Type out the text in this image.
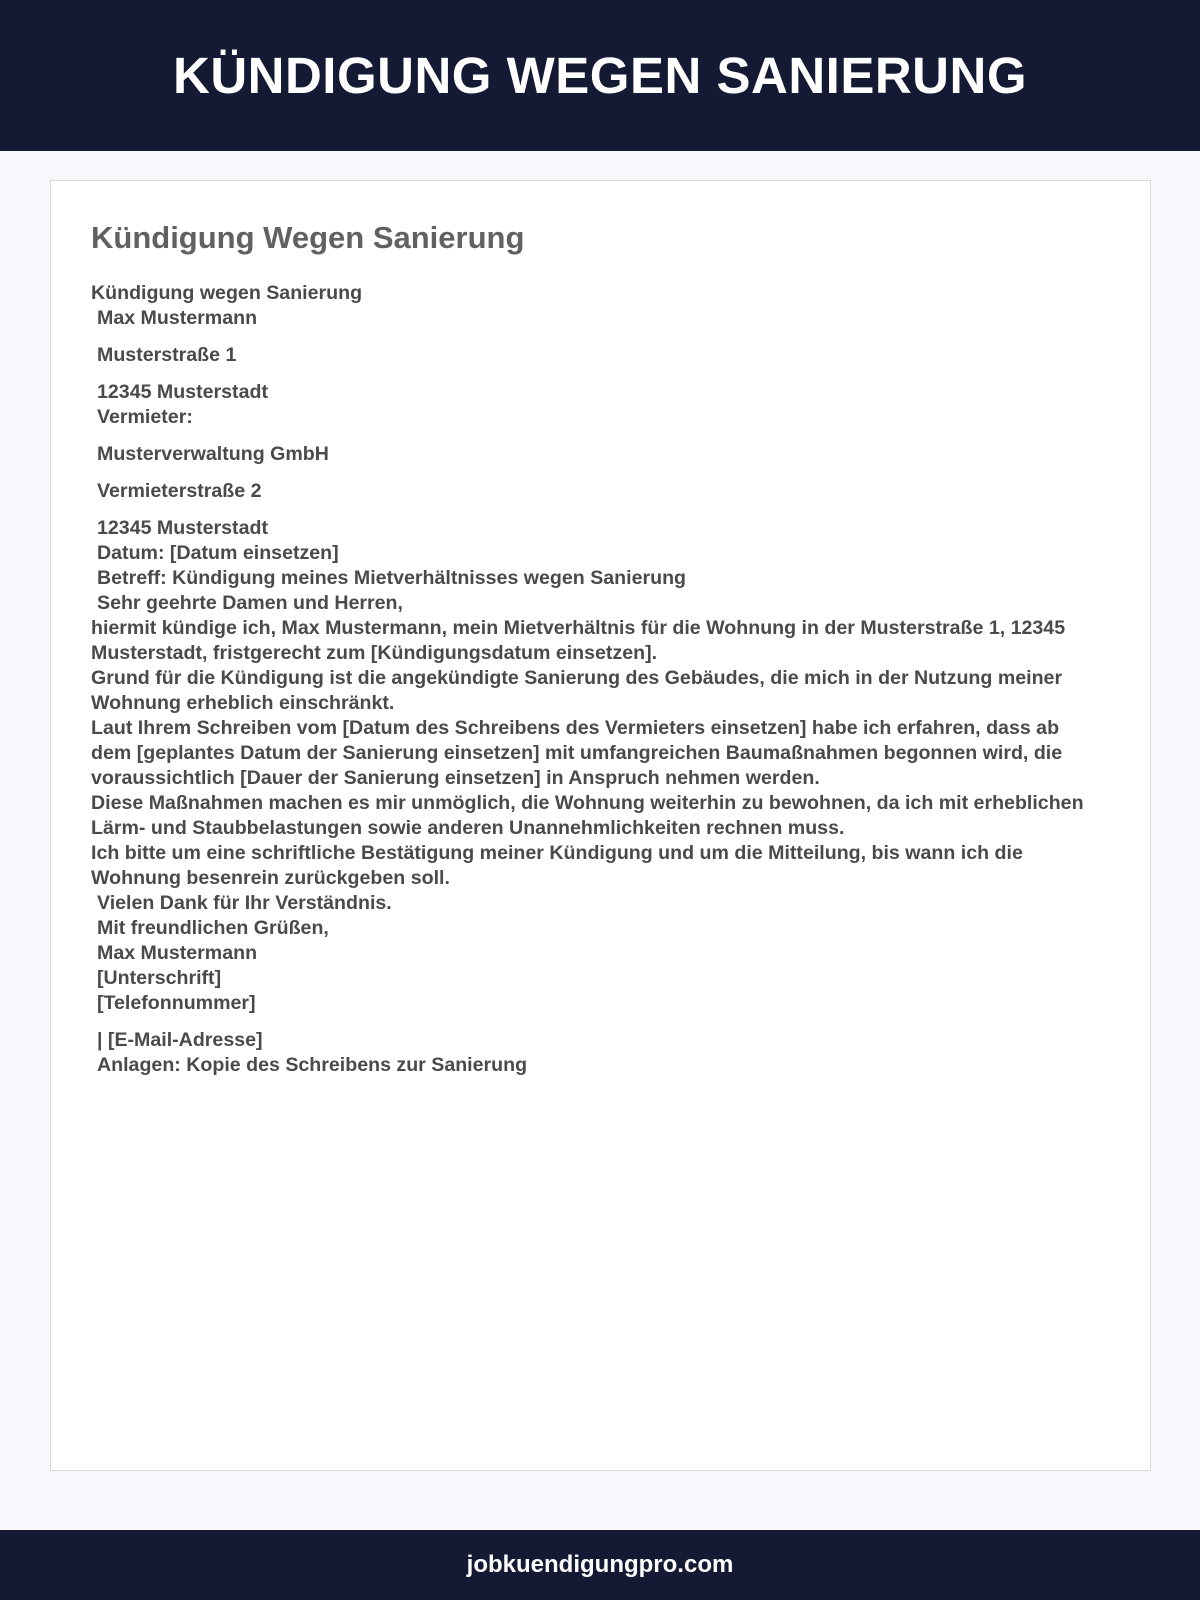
KÜNDIGUNG WEGEN SANIERUNG
Kündigung Wegen Sanierung
Kündigung wegen Sanierung
Max Mustermann
Musterstraße 1
12345 Musterstadt
Vermieter:
Musterverwaltung GmbH
Vermieterstraße 2
12345 Musterstadt
Datum: [Datum einsetzen]
Betreff: Kündigung meines Mietverhältnisses wegen Sanierung
Sehr geehrte Damen und Herren,
hiermit kündige ich, Max Mustermann, mein Mietverhältnis für die Wohnung in der Musterstraße 1, 12345 Musterstadt, fristgerecht zum [Kündigungsdatum einsetzen].
Grund für die Kündigung ist die angekündigte Sanierung des Gebäudes, die mich in der Nutzung meiner Wohnung erheblich einschränkt.
Laut Ihrem Schreiben vom [Datum des Schreibens des Vermieters einsetzen] habe ich erfahren, dass ab dem [geplantes Datum der Sanierung einsetzen] mit umfangreichen Baumaßnahmen begonnen wird, die voraussichtlich [Dauer der Sanierung einsetzen] in Anspruch nehmen werden.
Diese Maßnahmen machen es mir unmöglich, die Wohnung weiterhin zu bewohnen, da ich mit erheblichen Lärm- und Staubbelastungen sowie anderen Unannehmlichkeiten rechnen muss.
Ich bitte um eine schriftliche Bestätigung meiner Kündigung und um die Mitteilung, bis wann ich die Wohnung besenrein zurückgeben soll.
Vielen Dank für Ihr Verständnis.
Mit freundlichen Grüßen,
Max Mustermann
[Unterschrift]
[Telefonnummer]
| [E-Mail-Adresse]
Anlagen: Kopie des Schreibens zur Sanierung
jobkuendigungpro.com
